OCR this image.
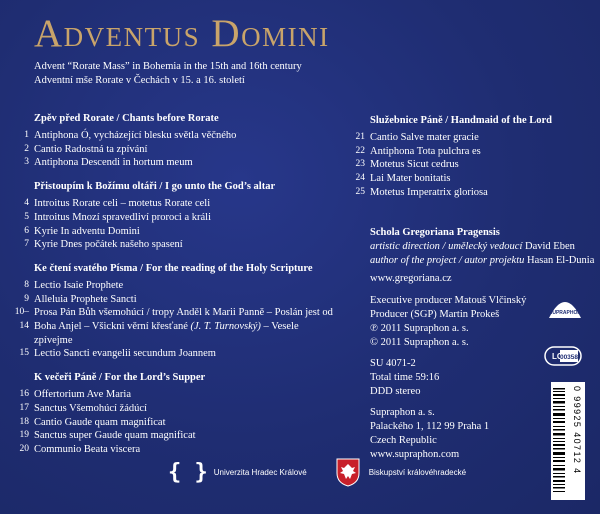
Adventus Domini
Advent “Rorate Mass” in Bohemia in the 15th and 16th century
Adventní mše Rorate v Čechách v 15. a 16. století
Zpěv před Rorate / Chants before Rorate
1 Antiphona Ó, vycházející blesku světla věčného
2 Cantio Radostná ta zpívání
3 Antiphona Descendi in hortum meum
Přistoupím k Božímu oltáři / I go unto the God’s altar
4 Introitus Rorate celi – motetus Rorate celi
5 Introitus Mnozí spravedliví proroci a králi
6 Kyrie In adventu Domini
7 Kyrie Dnes počátek našeho spasení
Ke čtení svatého Písma / For the reading of the Holy Scripture
8 Lectio Isaie Prophete
9 Alleluia Prophete Sancti
10–14
Prosa Pán Bůh všemohúcí / tropy Anděl k Marii Panně – Poslán jest od Boha Anjel – Všickni věrní křesťané (J. T. Turnovský) – Vesele zpívejme
15 Lectio Sancti evangelii secundum Joannem
K večeři Páně / For the Lord’s Supper
16 Offertorium Ave Maria
17 Sanctus Všemohúcí žádúcí
18 Cantio Gaude quam magnificat
19 Sanctus super Gaude quam magnificat
20 Communio Beata viscera
Služebnice Páně / Handmaid of the Lord
21 Cantio Salve mater gracie
22 Antiphona Tota pulchra es
23 Motetus Sicut cedrus
24 Lai Mater bonitatis
25 Motetus Imperatrix gloriosa
Schola Gregoriana Pragensis
artistic direction / umělecký vedoucí David Eben
author of the project / autor projektu Hasan El-Dunia
www.gregoriana.cz
Executive producer Matouš Vlčinský
Producer (SGP) Martin Prokeš
℗ 2011 Supraphon a. s.
© 2011 Supraphon a. s.
SU 4071-2
Total time 59:16
DDD stereo
Supraphon a. s.
Palackého 1, 112 99 Praha 1
Czech Republic
www.supraphon.com
SUPRAPHON
LC
00358
0 99925 40712 4
{ } Univerzita Hradec Králové	Biskupství královéhradecké
